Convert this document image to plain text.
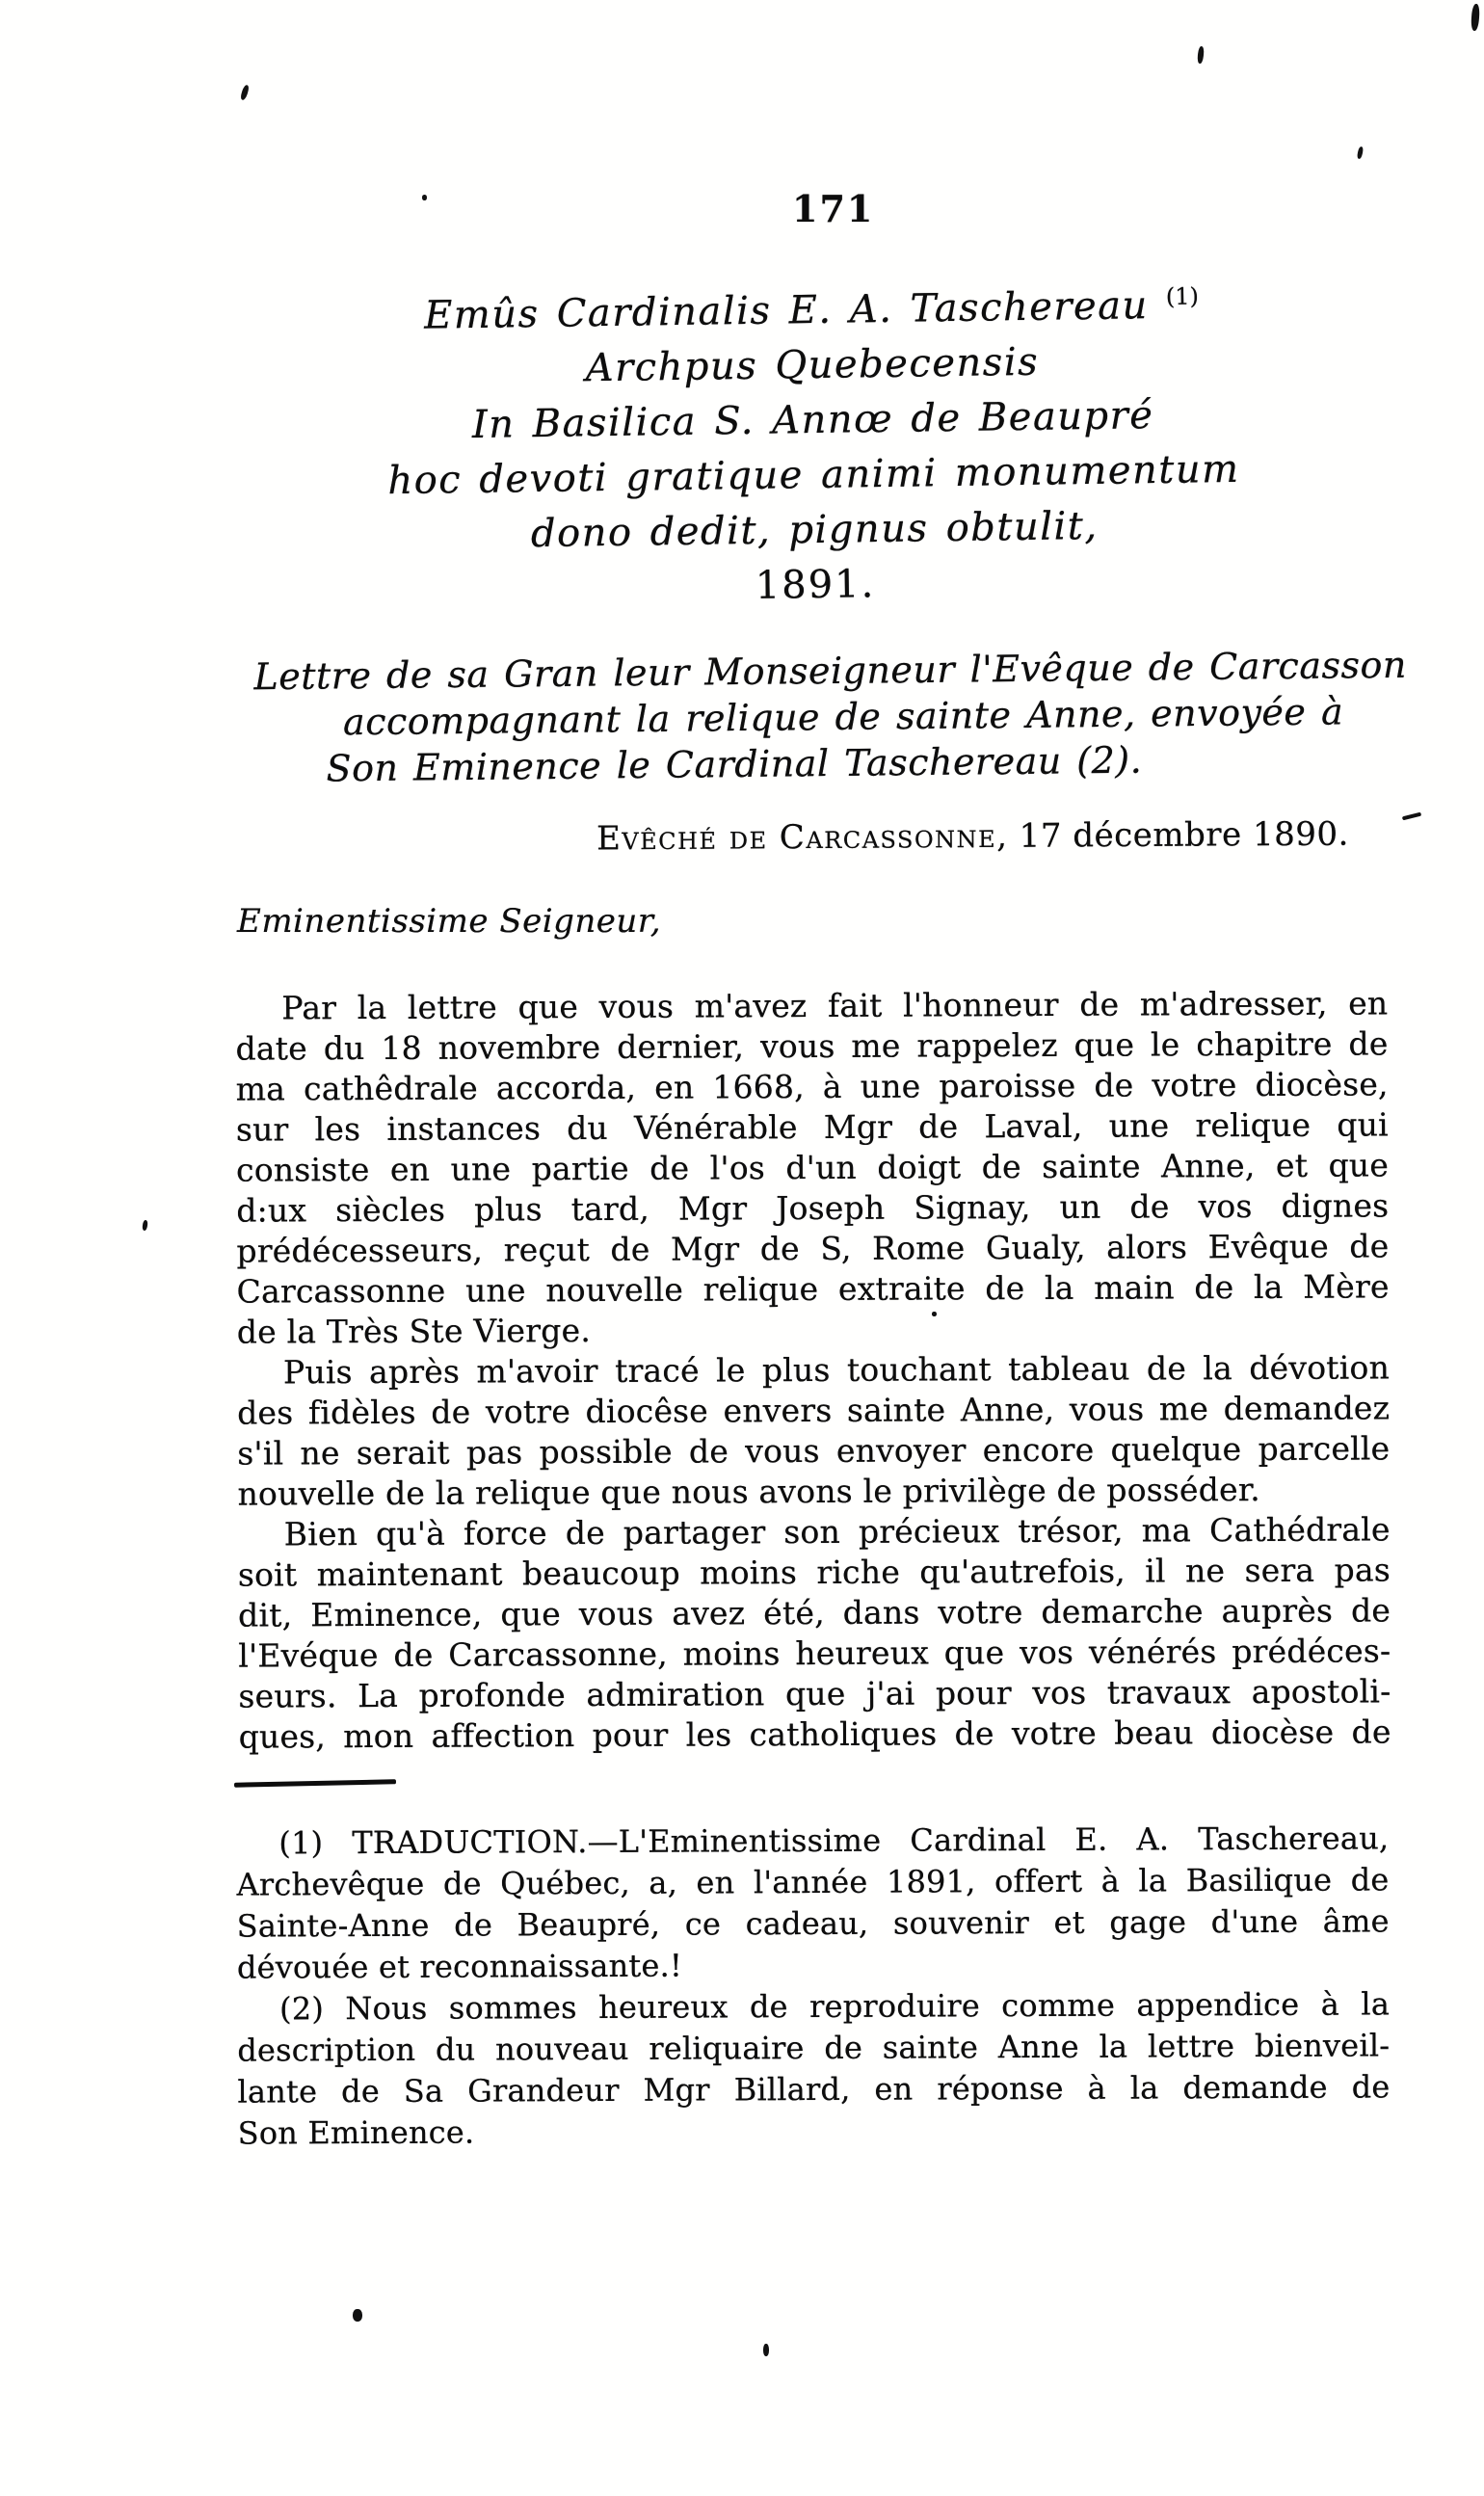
171
Emûs Cardinalis E. A. Taschereau $^{(1)}$
Archpus Quebecensis
In Basilica S. Annœ de Beaupré
hoc devoti gratique animi monumentum
dono dedit, pignus obtulit,
1891.
Lettre de sa Gran leur Monseigneur l'Evêque de Carcasson
accompagnant la relique de sainte Anne, envoyée à
Son Eminence le Cardinal Taschereau (2).
Evêché de Carcassonne, 17 décembre 1890.
Eminentissime Seigneur,
Par la lettre que vous m'avez fait l'honneur de m'adresser, en
date du 18 novembre dernier, vous me rappelez que le chapitre de
ma cathêdrale accorda, en 1668, à une paroisse de votre diocèse,
sur les instances du Vénérable Mgr de Laval, une relique qui
consiste en une partie de l'os d'un doigt de sainte Anne, et que
d:ux siècles plus tard, Mgr Joseph Signay, un de vos dignes
prédécesseurs, reçut de Mgr de S, Rome Gualy, alors Evêque de
Carcassonne une nouvelle relique extraite de la main de la Mère
de la Très Ste Vierge.
Puis après m'avoir tracé le plus touchant tableau de la dévotion
des fidèles de votre diocêse envers sainte Anne, vous me demandez
s'il ne serait pas possible de vous envoyer encore quelque parcelle
nouvelle de la relique que nous avons le privilège de posséder.
Bien qu'à force de partager son précieux trésor, ma Cathédrale
soit maintenant beaucoup moins riche qu'autrefois, il ne sera pas
dit, Eminence, que vous avez été, dans votre demarche auprès de
l'Evéque de Carcassonne, moins heureux que vos vénérés prédéces-
seurs. La profonde admiration que j'ai pour vos travaux apostoli-
ques, mon affection pour les catholiques de votre beau diocèse de
(1) TRADUCTION.—L'Eminentissime Cardinal E. A. Taschereau,
Archevêque de Québec, a, en l'année 1891, offert à la Basilique de
Sainte-Anne de Beaupré, ce cadeau, souvenir et gage d'une âme
dévouée et reconnaissante.!
(2) Nous sommes heureux de reproduire comme appendice à la
description du nouveau reliquaire de sainte Anne la lettre bienveil-
lante de Sa Grandeur Mgr Billard, en réponse à la demande de
Son Eminence.
